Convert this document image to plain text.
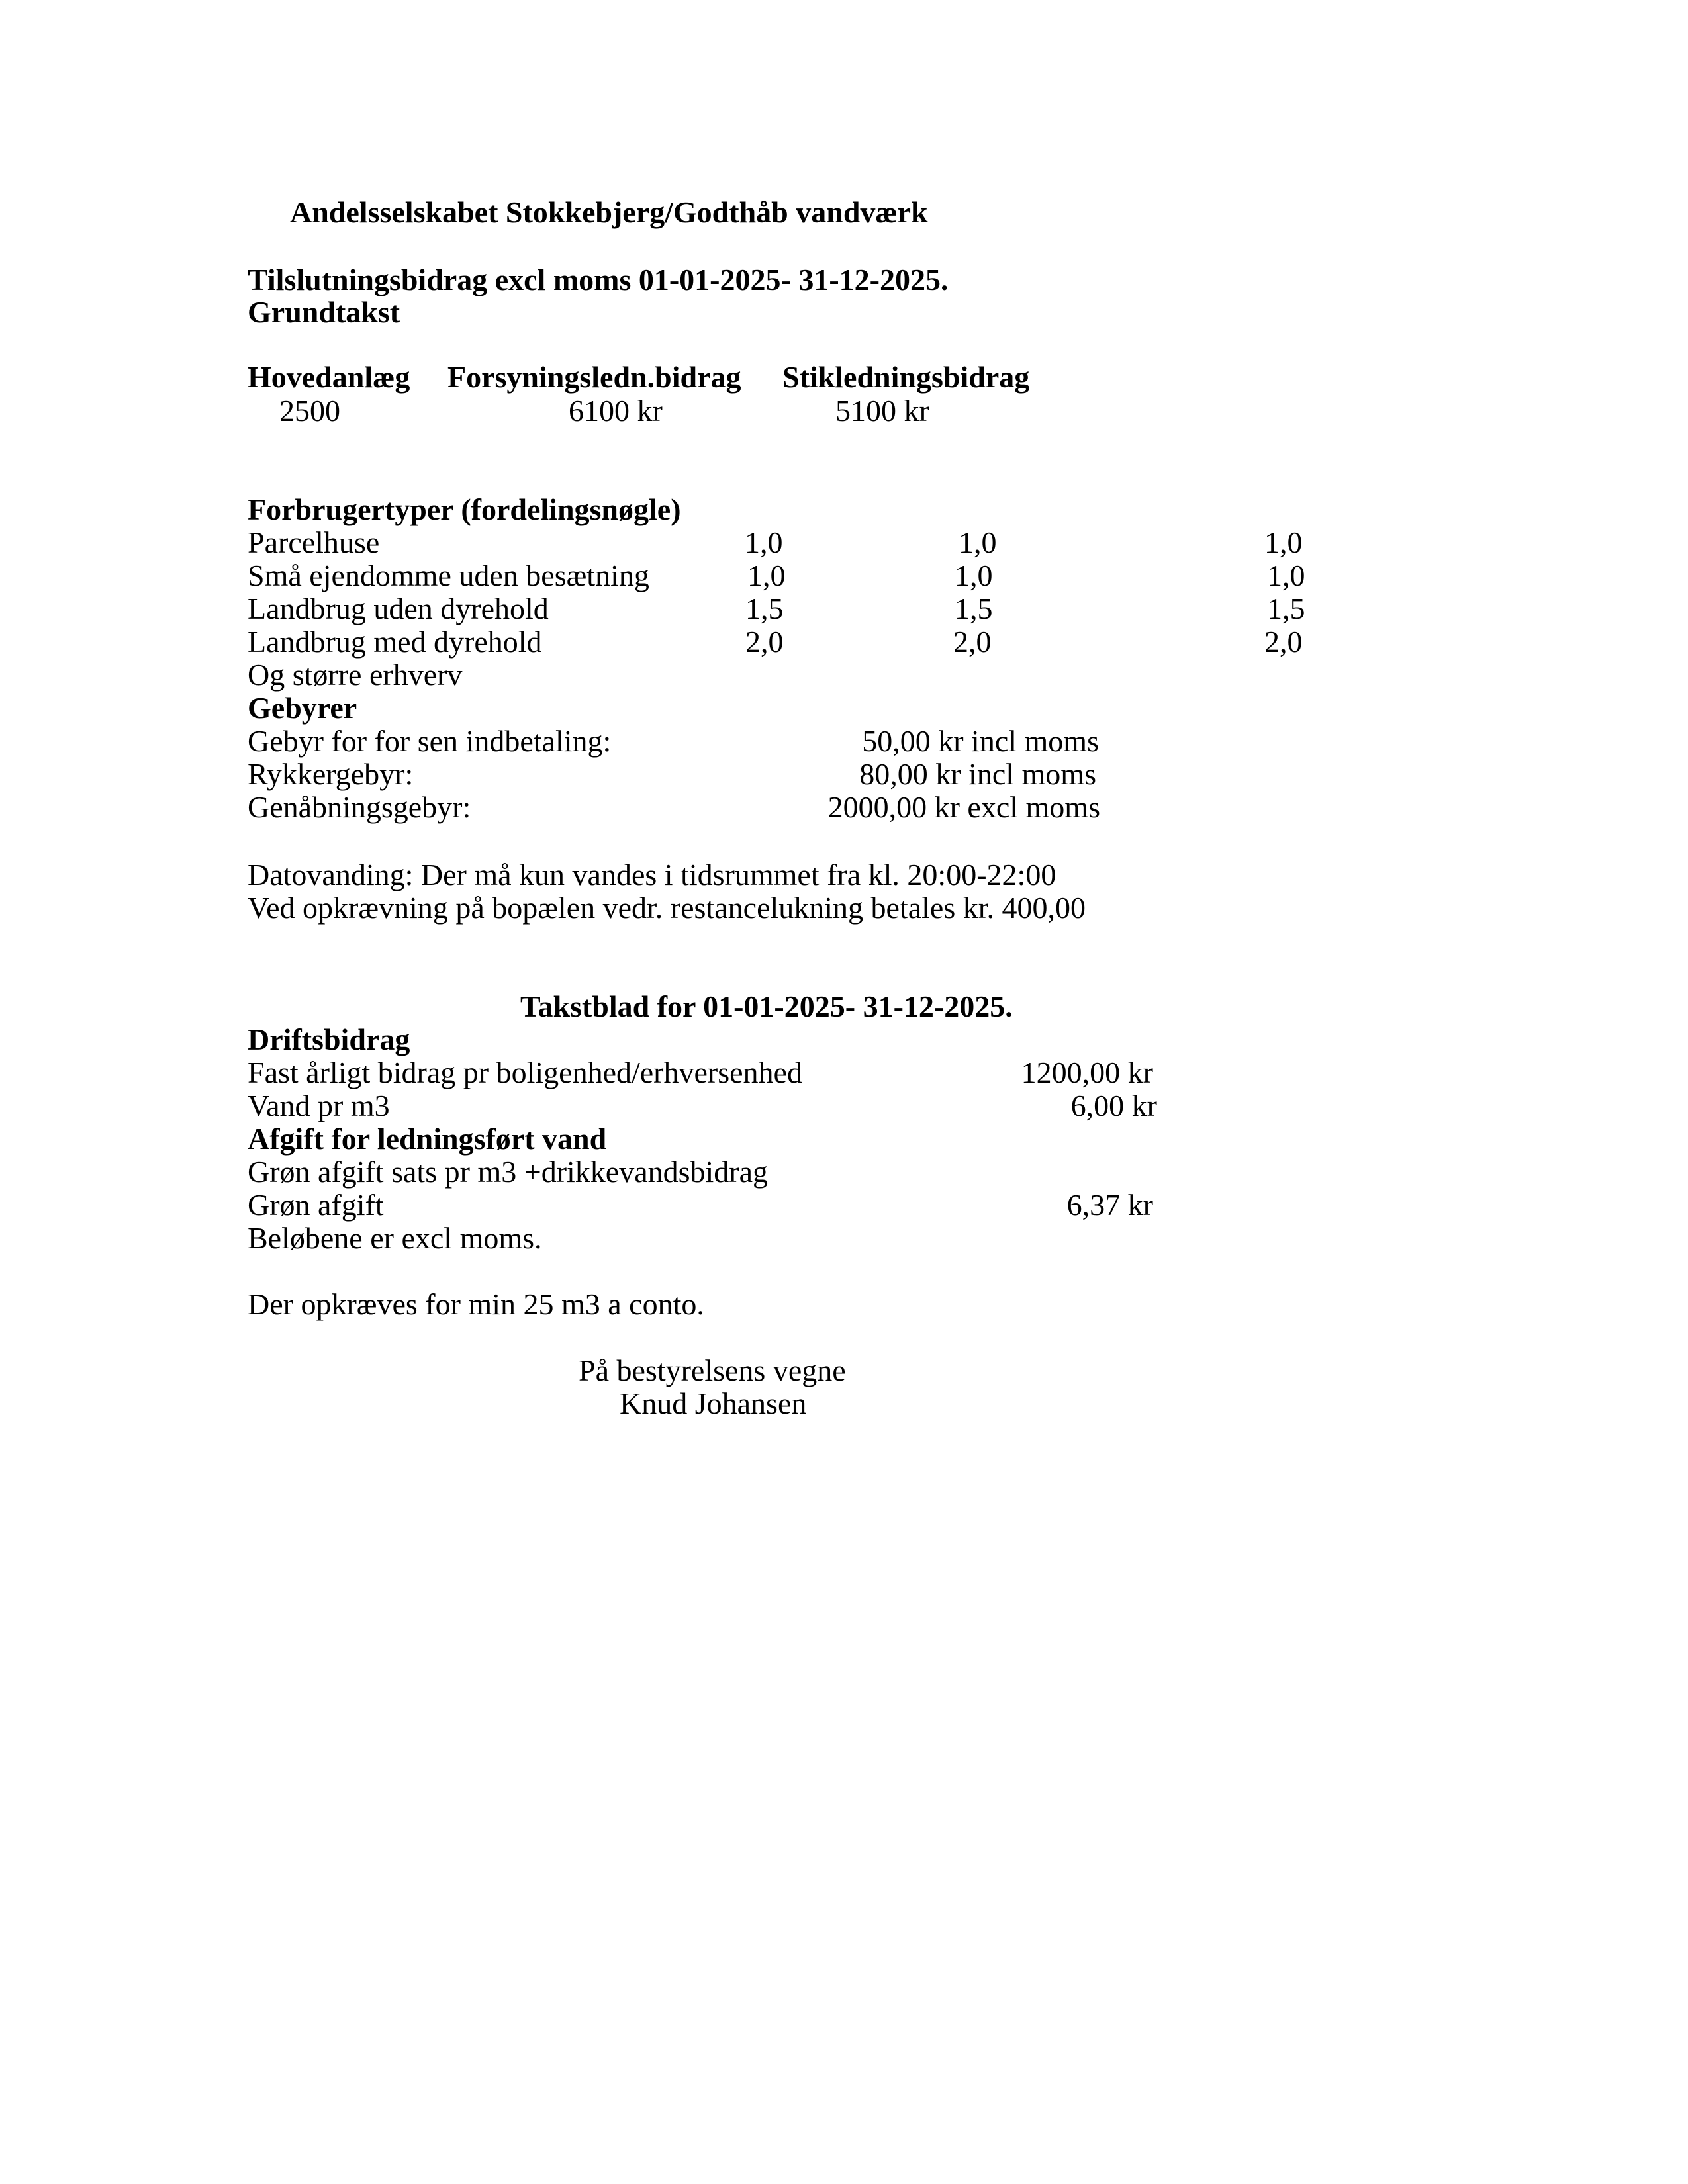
Andelsselskabet Stokkebjerg/Godthåb vandværk
Tilslutningsbidrag excl moms 01-01-2025- 31-12-2025.
Grundtakst
Hovedanlæg Forsyningsledn.bidrag Stikledningsbidrag
2500	6100 kr	5100 kr
Forbrugertyper (fordelingsnøgle)
Parcelhuse	1,0	1,0	1,0
Små ejendomme uden besætning	1,0	1,0	1,0
Landbrug uden dyrehold	1,5	1,5	1,5
Landbrug med dyrehold	2,0	2,0	2,0
Og større erhverv
Gebyrer
Gebyr for for sen indbetaling:	50,00 kr incl moms
Rykkergebyr:	80,00 kr incl moms
Genåbningsgebyr:	2000,00 kr excl moms
Datovanding: Der må kun vandes i tidsrummet fra kl. 20:00-22:00
Ved opkrævning på bopælen vedr. restancelukning betales kr. 400,00
Takstblad for 01-01-2025- 31-12-2025.
Driftsbidrag
Fast årligt bidrag pr boligenhed/erhversenhed	1200,00 kr
Vand pr m3	6,00 kr
Afgift for ledningsført vand
Grøn afgift sats pr m3 +drikkevandsbidrag
Grøn afgift	6,37 kr
Beløbene er excl moms.
Der opkræves for min 25 m3 a conto.
På bestyrelsens vegne
Knud Johansen
